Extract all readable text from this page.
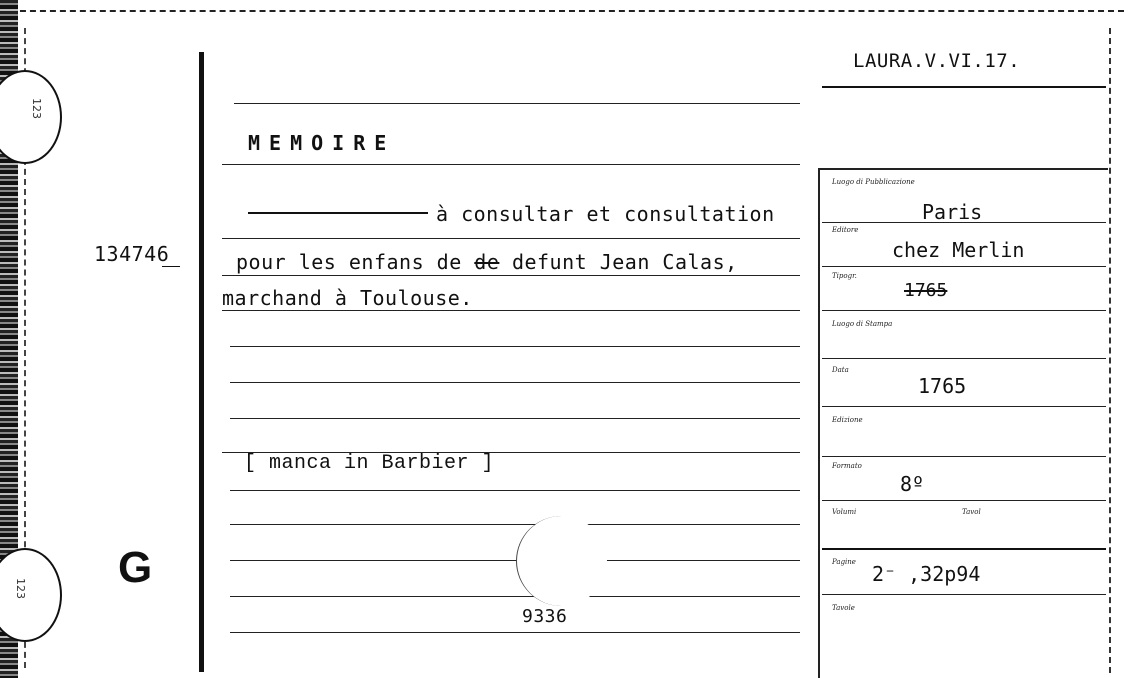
123
123
134746
G
LAURA.V.VI.17.
MEMOIRE
à consultar et consultation
pour les enfans de de defunt Jean Calas,
marchand à Toulouse.
[ manca in Barbier ]
9336
Luogo di Pubblicazione
Paris
Editore
chez Merlin
Tipogr.
1765
Luogo di Stampa
Data
1765
Edizione
Formato
8º
Volumi	Tavol
Pagine 2⁻ ,32p94
Tavole
